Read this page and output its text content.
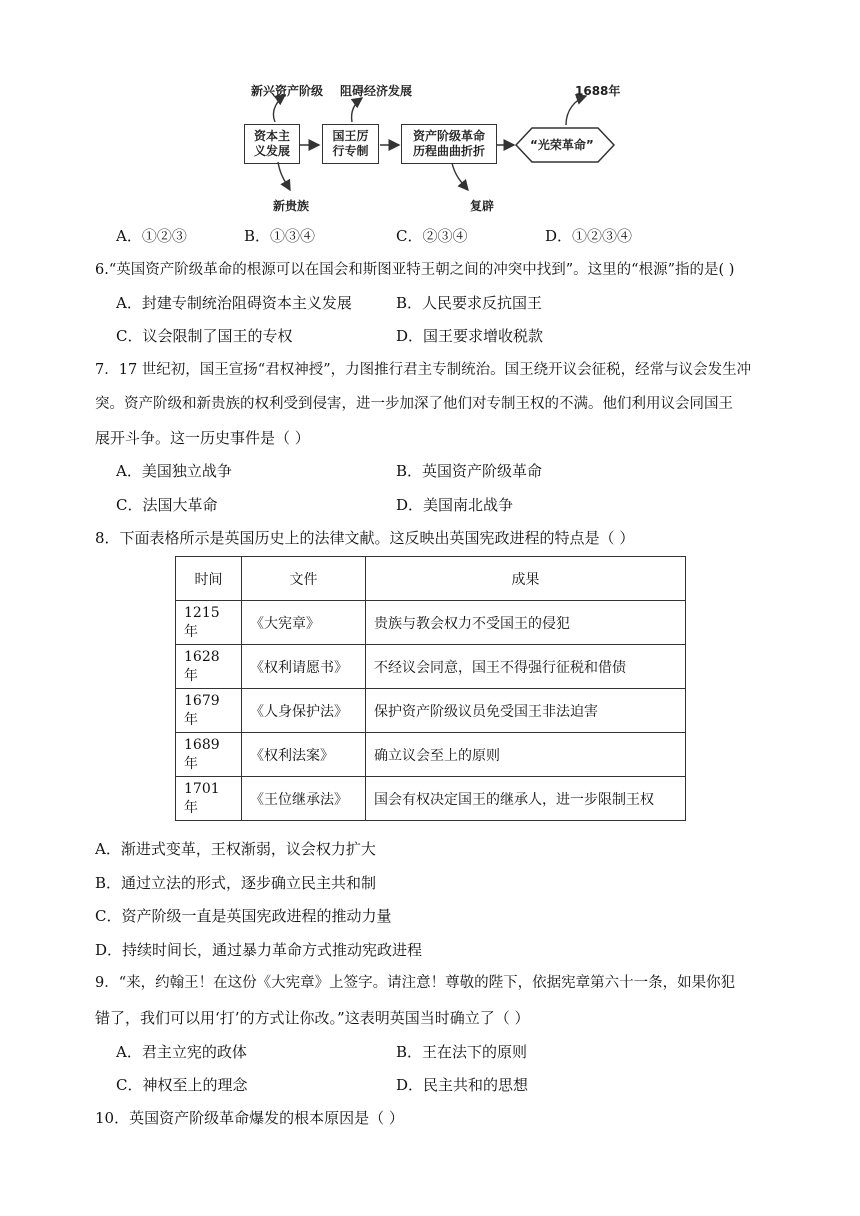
新兴资产阶级 阻碍经济发展	1688年
资本主
义发展
国王厉
行专制
资产阶级革命
历程曲曲折折	“光荣革命”
新贵族	复辟
A．①②③	B．①③④	C．②③④	D．①②③④
6.“英国资产阶级革命的根源可以在国会和斯图亚特王朝之间的冲突中找到”。这里的“根源”指的是( )
A．封建专制统治阻碍资本主义发展	B．人民要求反抗国王
C．议会限制了国王的专权	D．国王要求增收税款
7．17 世纪初，国王宣扬“君权神授”，力图推行君主专制统治。国王绕开议会征税，经常与议会发生冲
突。资产阶级和新贵族的权利受到侵害，进一步加深了他们对专制王权的不满。他们利用议会同国王
展开斗争。这一历史事件是（ ）
A．美国独立战争	B．英国资产阶级革命
C．法国大革命	D．美国南北战争
8．下面表格所示是英国历史上的法律文献。这反映出英国宪政进程的特点是（ ）
时间	文件	成果
1215 年	《大宪章》	贵族与教会权力不受国王的侵犯
1628 年	《权利请愿书》	不经议会同意，国王不得强行征税和借债
1679 年	《人身保护法》	保护资产阶级议员免受国王非法迫害
1689 年	《权利法案》	确立议会至上的原则
1701 年	《王位继承法》	国会有权决定国王的继承人，进一步限制王权
A．渐进式变革，王权渐弱，议会权力扩大
B．通过立法的形式，逐步确立民主共和制
C．资产阶级一直是英国宪政进程的推动力量
D．持续时间长，通过暴力革命方式推动宪政进程
9．“来，约翰王！在这份《大宪章》上签字。请注意！尊敬的陛下，依据宪章第六十一条，如果你犯
错了，我们可以用‘打’的方式让你改。”这表明英国当时确立了（ ）
A．君主立宪的政体	B．王在法下的原则
C．神权至上的理念	D．民主共和的思想
10．英国资产阶级革命爆发的根本原因是（ ）
